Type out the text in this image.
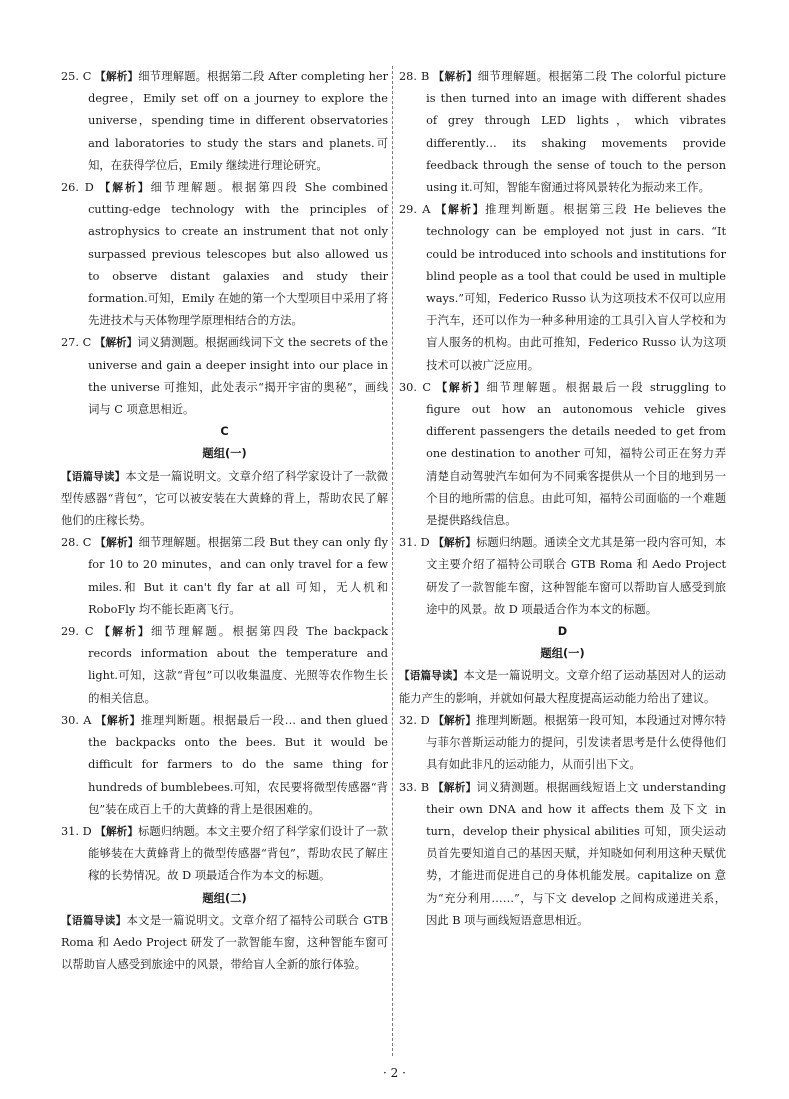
25. C 【解析】细节理解题。根据第二段 After completing her degree，Emily set off on a journey to explore the universe，spending time in different observatories and laboratories to study the stars and planets.可知，在获得学位后，Emily 继续进行理论研究。

26. D 【解析】细节理解题。根据第四段 She combined cutting-edge technology with the principles of astrophysics to create an instrument that not only surpassed previous telescopes but also allowed us to observe distant galaxies and study their formation.可知，Emily 在她的第一个大型项目中采用了将先进技术与天体物理学原理相结合的方法。

27. C 【解析】词义猜测题。根据画线词下文 the secrets of the universe and gain a deeper insight into our place in the universe 可推知，此处表示“揭开宇宙的奥秘”，画线词与 C 项意思相近。

C

题组(一)

【语篇导读】本文是一篇说明文。文章介绍了科学家设计了一款微型传感器“背包”，它可以被安装在大黄蜂的背上，帮助农民了解他们的庄稼长势。

28. C 【解析】细节理解题。根据第二段 But they can only fly for 10 to 20 minutes，and can only travel for a few miles.和 But it can't fly far at all 可知，无人机和 RoboFly 均不能长距离飞行。

29. C 【解析】细节理解题。根据第四段 The backpack records information about the temperature and light.可知，这款“背包”可以收集温度、光照等农作物生长的相关信息。

30. A 【解析】推理判断题。根据最后一段… and then glued the backpacks onto the bees. But it would be difficult for farmers to do the same thing for hundreds of bumblebees.可知，农民要将微型传感器“背包”装在成百上千的大黄蜂的背上是很困难的。

31. D 【解析】标题归纳题。本文主要介绍了科学家们设计了一款能够装在大黄蜂背上的微型传感器“背包”，帮助农民了解庄稼的长势情况。故 D 项最适合作为本文的标题。

题组(二)

【语篇导读】本文是一篇说明文。文章介绍了福特公司联合 GTB Roma 和 Aedo Project 研发了一款智能车窗，这种智能车窗可以帮助盲人感受到旅途中的风景，带给盲人全新的旅行体验。

28. B 【解析】细节理解题。根据第二段 The colorful picture is then turned into an image with different shades of grey through LED lights，which vibrates differently… its shaking movements provide feedback through the sense of touch to the person using it.可知，智能车窗通过将风景转化为振动来工作。

29. A 【解析】推理判断题。根据第三段 He believes the technology can be employed not just in cars. “It could be introduced into schools and institutions for blind people as a tool that could be used in multiple ways.”可知，Federico Russo 认为这项技术不仅可以应用于汽车，还可以作为一种多种用途的工具引入盲人学校和为盲人服务的机构。由此可推知，Federico Russo 认为这项技术可以被广泛应用。

30. C 【解析】细节理解题。根据最后一段 struggling to figure out how an autonomous vehicle gives different passengers the details needed to get from one destination to another 可知，福特公司正在努力弄清楚自动驾驶汽车如何为不同乘客提供从一个目的地到另一个目的地所需的信息。由此可知，福特公司面临的一个难题是提供路线信息。

31. D 【解析】标题归纳题。通读全文尤其是第一段内容可知，本文主要介绍了福特公司联合 GTB Roma 和 Aedo Project 研发了一款智能车窗，这种智能车窗可以帮助盲人感受到旅途中的风景。故 D 项最适合作为本文的标题。

D

题组(一)

【语篇导读】本文是一篇说明文。文章介绍了运动基因对人的运动能力产生的影响，并就如何最大程度提高运动能力给出了建议。

32. D 【解析】推理判断题。根据第一段可知，本段通过对博尔特与菲尔普斯运动能力的提问，引发读者思考是什么使得他们具有如此非凡的运动能力，从而引出下文。

33. B 【解析】词义猜测题。根据画线短语上文 understanding their own DNA and how it affects them 及下文 in turn，develop their physical abilities 可知，顶尖运动员首先要知道自己的基因天赋，并知晓如何利用这种天赋优势，才能进而促进自己的身体机能发展。capitalize on 意为“充分利用……”，与下文 develop 之间构成递进关系，因此 B 项与画线短语意思相近。

· 2 ·
